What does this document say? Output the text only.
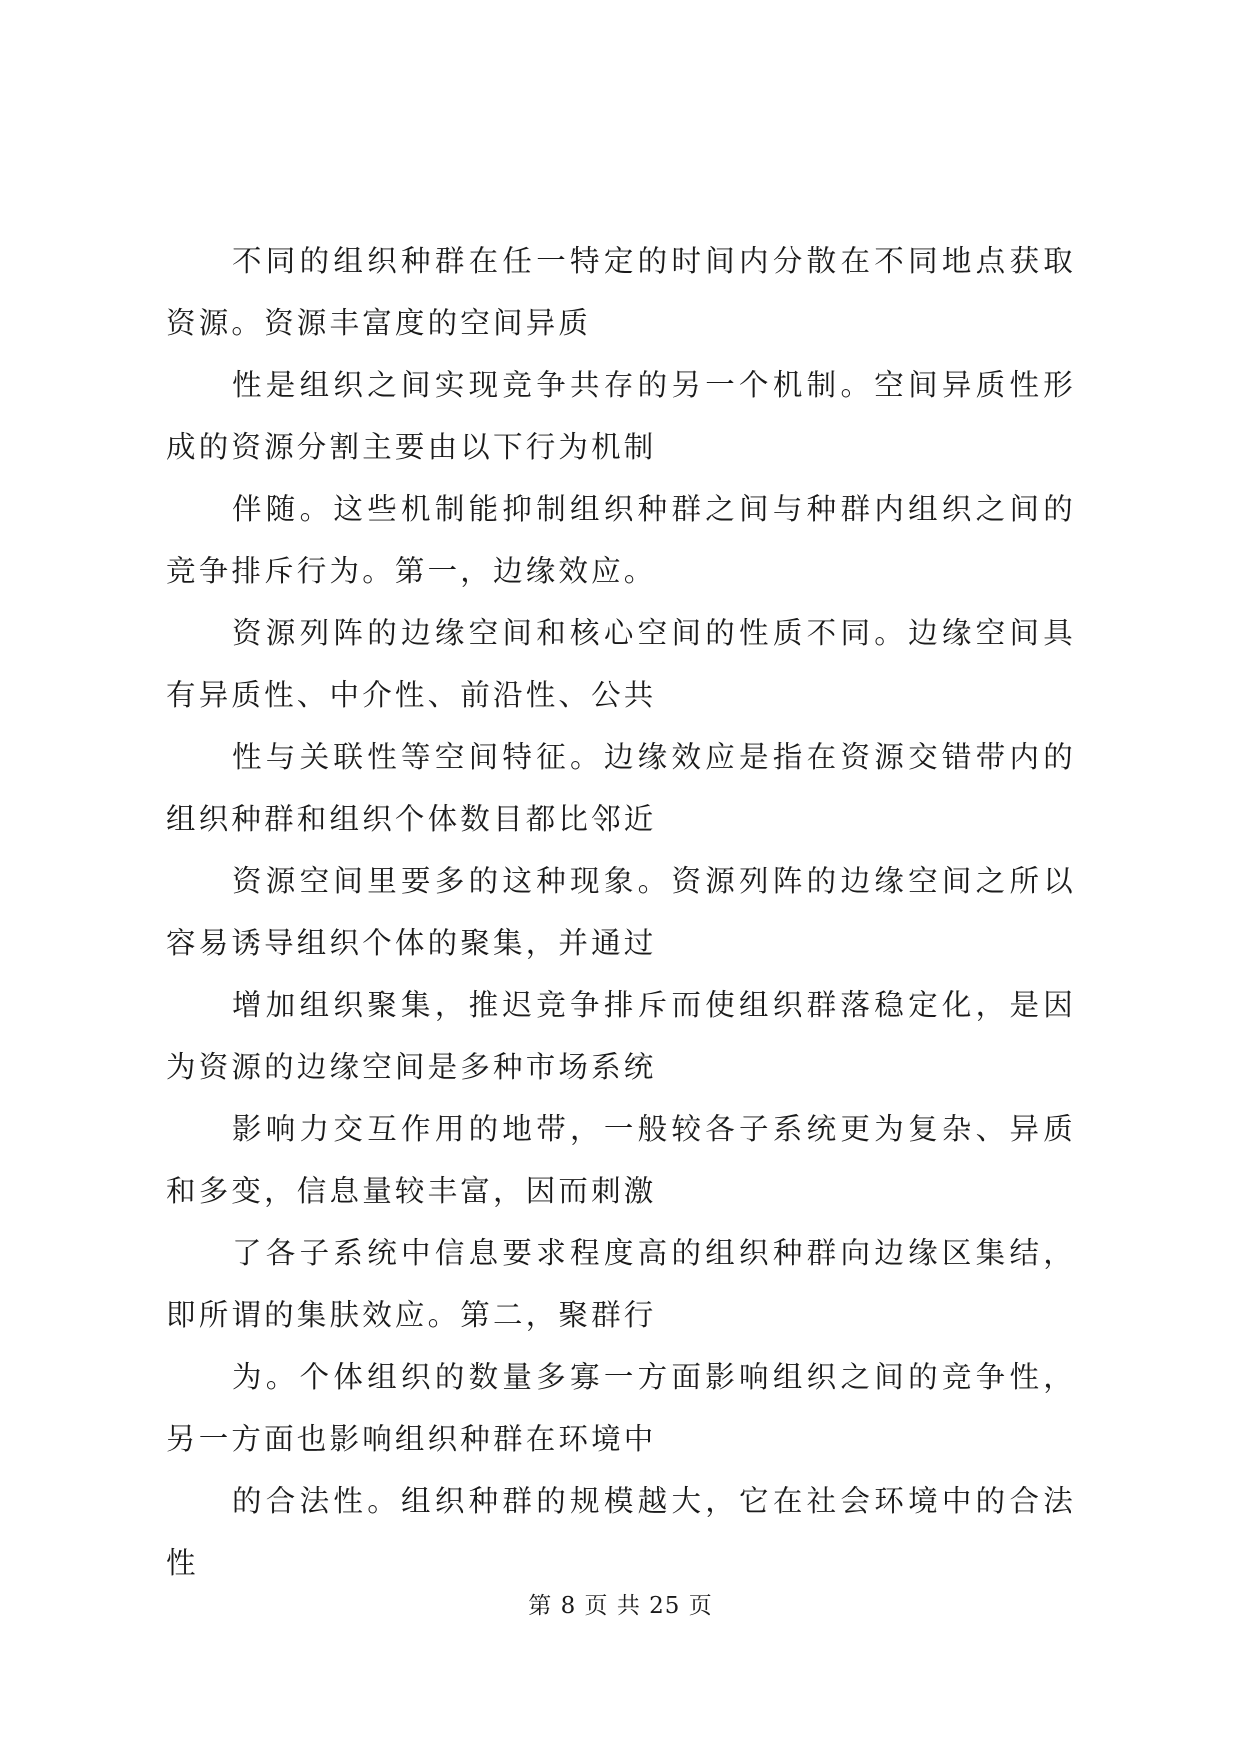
不同的组织种群在任一特定的时间内分散在不同地点获取资源。资源丰富度的空间异质

性是组织之间实现竞争共存的另一个机制。空间异质性形成的资源分割主要由以下行为机制

伴随。这些机制能抑制组织种群之间与种群内组织之间的竞争排斥行为。第一，边缘效应。

资源列阵的边缘空间和核心空间的性质不同。边缘空间具有异质性、中介性、前沿性、公共

性与关联性等空间特征。边缘效应是指在资源交错带内的组织种群和组织个体数目都比邻近

资源空间里要多的这种现象。资源列阵的边缘空间之所以容易诱导组织个体的聚集，并通过

增加组织聚集，推迟竞争排斥而使组织群落稳定化，是因为资源的边缘空间是多种市场系统

影响力交互作用的地带，一般较各子系统更为复杂、异质和多变，信息量较丰富，因而刺激

了各子系统中信息要求程度高的组织种群向边缘区集结，即所谓的集肤效应。第二，聚群行

为。个体组织的数量多寡一方面影响组织之间的竞争性，另一方面也影响组织种群在环境中

的合法性。组织种群的规模越大，它在社会环境中的合法性

第 8 页 共 25 页
